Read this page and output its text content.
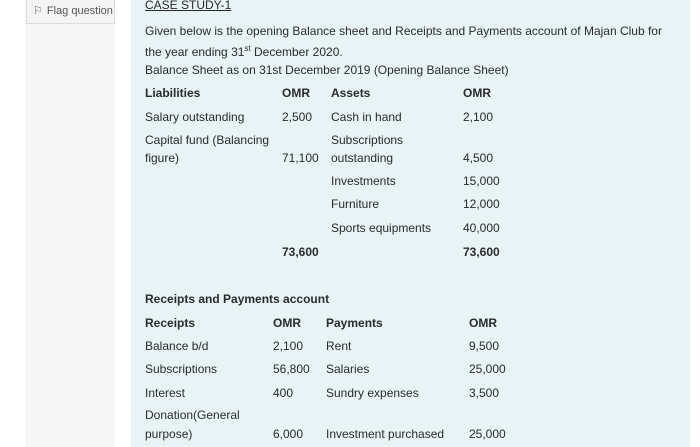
⚐ Flag question	CASE STUDY-1
Given below is the opening Balance sheet and Receipts and Payments account of Majan Club for the year ending 31st December 2020.
Balance Sheet as on 31st December 2019 (Opening Balance Sheet)
Liabilities	OMR Assets	OMR
Salary outstanding	2,500 Cash in hand	2,100
Capital fund (Balancing
figure)	71,100
Subscriptions
outstanding	4,500
Investments	15,000
Furniture	12,000
Sports equipments	40,000
73,600	73,600
Receipts and Payments account
Receipts	OMR Payments	OMR
Balance b/d	2,100 Rent	9,500
Subscriptions	56,800 Salaries	25,000
Interest	400	Sundry expenses	3,500
Donation(General
purpose)	6,000 Investment purchased 25,000
